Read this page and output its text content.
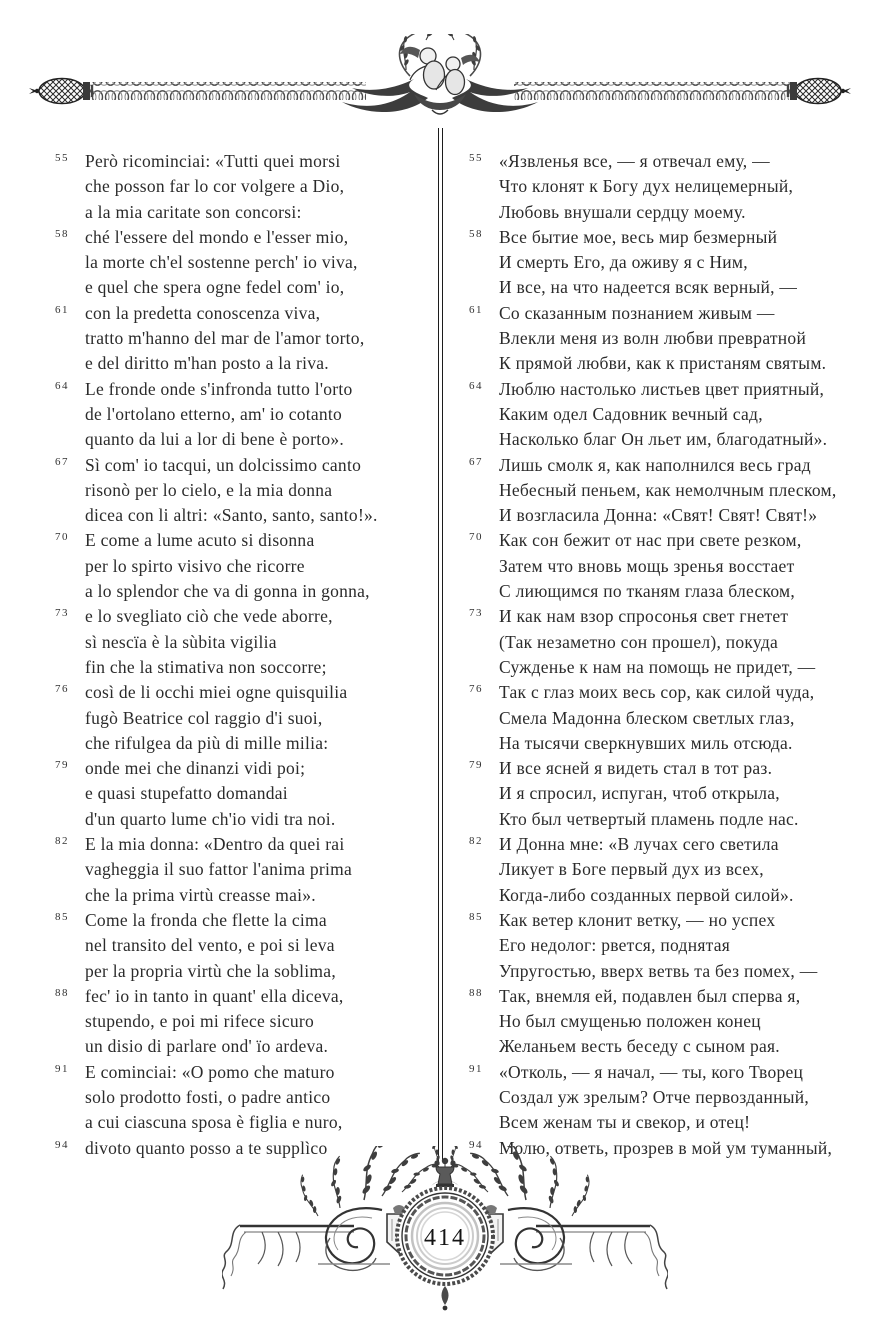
55 Però ricominciai: «Tutti quei morsi
che posson far lo cor volgere a Dio,
a la mia caritate son concorsi:
58 ché l'essere del mondo e l'esser mio,
la morte ch'el sostenne perch' io viva,
e quel che spera ogne fedel com' io,
61 con la predetta conoscenza viva,
tratto m'hanno del mar de l'amor torto,
e del diritto m'han posto a la riva.
64 Le fronde onde s'infronda tutto l'orto
de l'ortolano etterno, am' io cotanto
quanto da lui a lor di bene è porto».
67 Sì com' io tacqui, un dolcissimo canto
risonò per lo cielo, e la mia donna
dicea con li altri: «Santo, santo, santo!».
70 E come a lume acuto si disonna
per lo spirto visivo che ricorre
a lo splendor che va di gonna in gonna,
73 e lo svegliato ciò che vede aborre,
sì nescïa è la sùbita vigilia
fin che la stimativa non soccorre;
76 così de li occhi miei ogne quisquilia
fugò Beatrice col raggio d'i suoi,
che rifulgea da più di mille milia:
79 onde mei che dinanzi vidi poi;
e quasi stupefatto domandai
d'un quarto lume ch'io vidi tra noi.
82 E la mia donna: «Dentro da quei rai
vagheggia il suo fattor l'anima prima
che la prima virtù creasse mai».
85 Come la fronda che flette la cima
nel transito del vento, e poi si leva
per la propria virtù che la soblima,
88 fec' io in tanto in quant' ella diceva,
stupendo, e poi mi rifece sicuro
un disio di parlare ond' ïo ardeva.
91 E cominciai: «O pomo che maturo
solo prodotto fosti, o padre antico
a cui ciascuna sposa è figlia e nuro,
94 divoto quanto posso a te supplìco
55 «Язвленья все, — я отвечал ему, —
Что клонят к Богу дух нелицемерный,
Любовь внушали сердцу моему.
58 Все бытие мое, весь мир безмерный
И смерть Его, да оживу я с Ним,
И все, на что надеется всяк верный, —
61 Со сказанным познанием живым —
Влекли меня из волн любви превратной
К прямой любви, как к пристаням святым.
64 Люблю настолько листьев цвет приятный,
Каким одел Садовник вечный сад,
Насколько благ Он льет им, благодатный».
67 Лишь смолк я, как наполнился весь град
Небесный пеньем, как немолчным плеском,
И возгласила Донна: «Свят! Свят! Свят!»
70 Как сон бежит от нас при свете резком,
Затем что вновь мощь зренья восстает
С лиющимся по тканям глаза блеском,
73 И как нам взор спросонья свет гнетет
(Так незаметно сон прошел), покуда
Сужденье к нам на помощь не придет, —
76 Так с глаз моих весь сор, как силой чуда,
Смела Мадонна блеском светлых глаз,
На тысячи сверкнувших миль отсюда.
79 И все ясней я видеть стал в тот раз.
И я спросил, испуган, чтоб открыла,
Кто был четвертый пламень подле нас.
82 И Донна мне: «В лучах сего светила
Ликует в Боге первый дух из всех,
Когда-либо созданных первой силой».
85 Как ветер клонит ветку, — но успех
Его недолог: рвется, поднятая
Упругостью, вверх ветвь та без помех, —
88 Так, внемля ей, подавлен был сперва я,
Но был смущенью положен конец
Желаньем весть беседу с сыном рая.
91 «Отколь, — я начал, — ты, кого Творец
Создал уж зрелым? Отче первозданный,
Всем женам ты и свекор, и отец!
94 Молю, ответь, прозрев в мой ум туманный,
414
